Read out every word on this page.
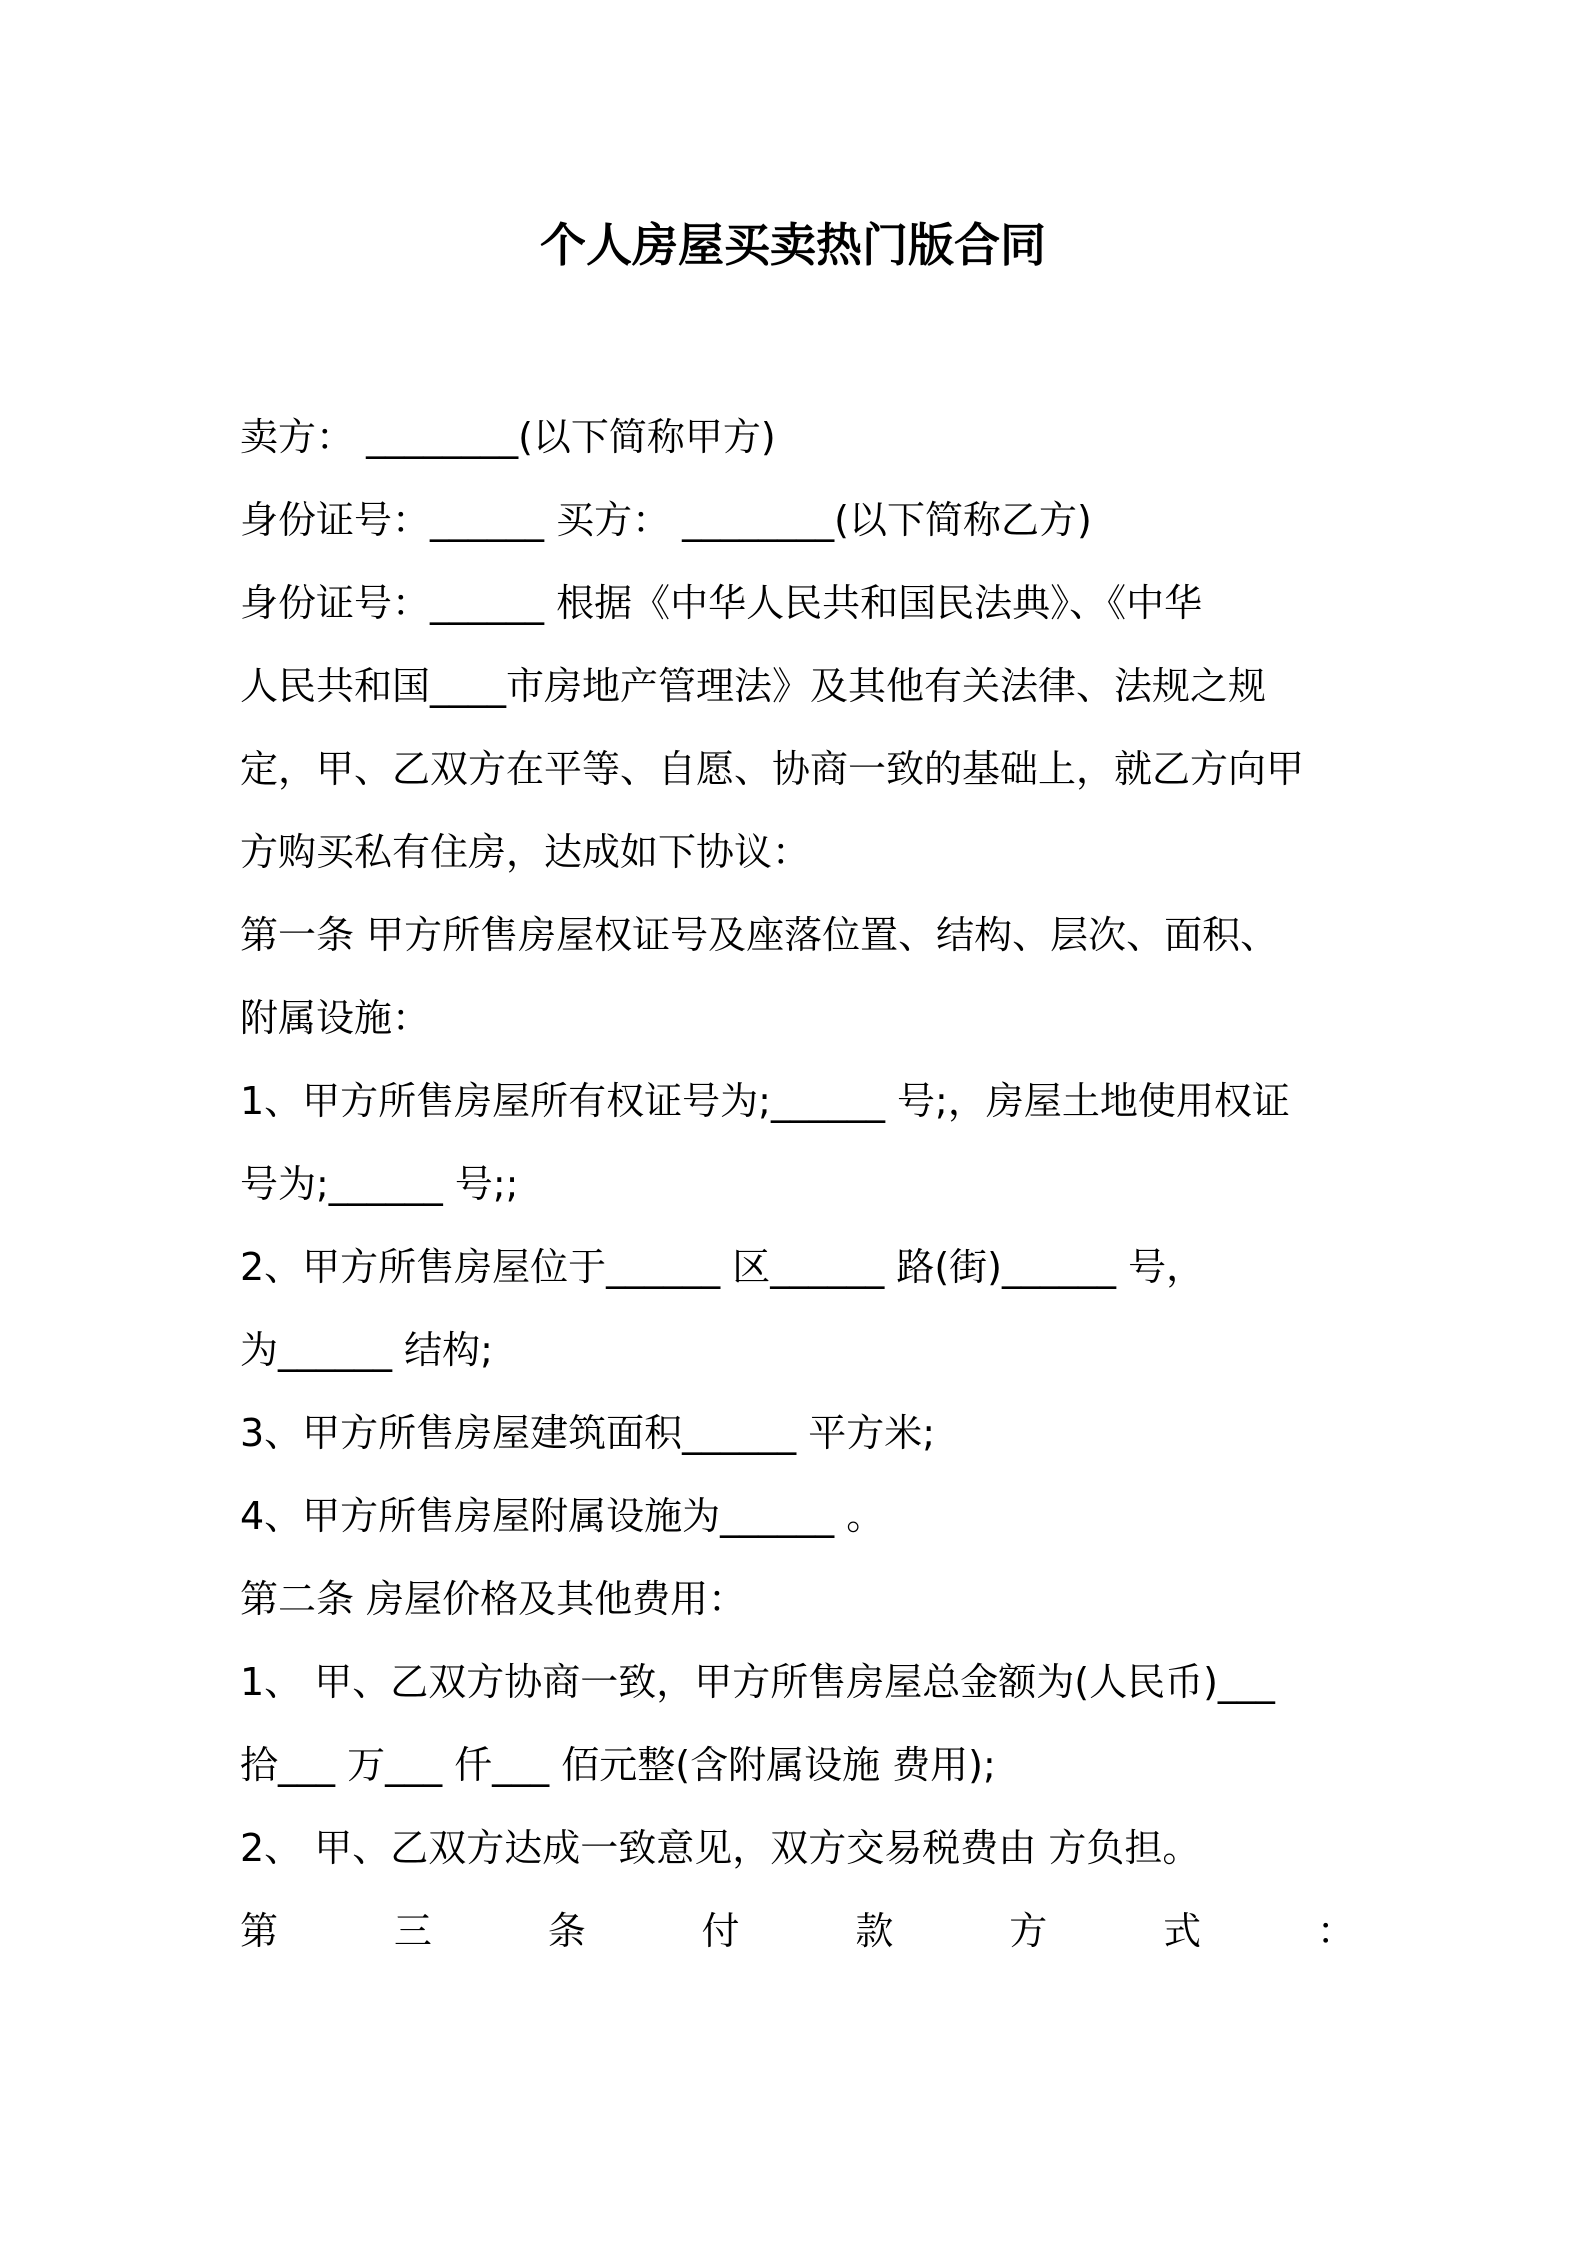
个人房屋买卖热门版合同
卖方： ________(以下简称甲方)
身份证号：______ 买方： ________(以下简称乙方)
身份证号：______ 根据《中华人民共和国民法典》、《中华
人民共和国____市房地产管理法》及其他有关法律、法规之规
定，甲、乙双方在平等、自愿、协商一致的基础上，就乙方向甲
方购买私有住房，达成如下协议：
第一条 甲方所售房屋权证号及座落位置、结构、层次、面积、
附属设施：
1、甲方所售房屋所有权证号为;______ 号;，房屋土地使用权证
号为;______ 号;;
2、甲方所售房屋位于______ 区______ 路(街)______ 号，
为______ 结构;
3、甲方所售房屋建筑面积______ 平方米;
4、甲方所售房屋附属设施为______ 。
第二条 房屋价格及其他费用：
1、 甲、乙双方协商一致，甲方所售房屋总金额为(人民币)___
拾___ 万___ 仟___ 佰元整(含附属设施 费用);
2、 甲、乙双方达成一致意见，双方交易税费由 方负担。
第	三	条	付	款	方	式	：
